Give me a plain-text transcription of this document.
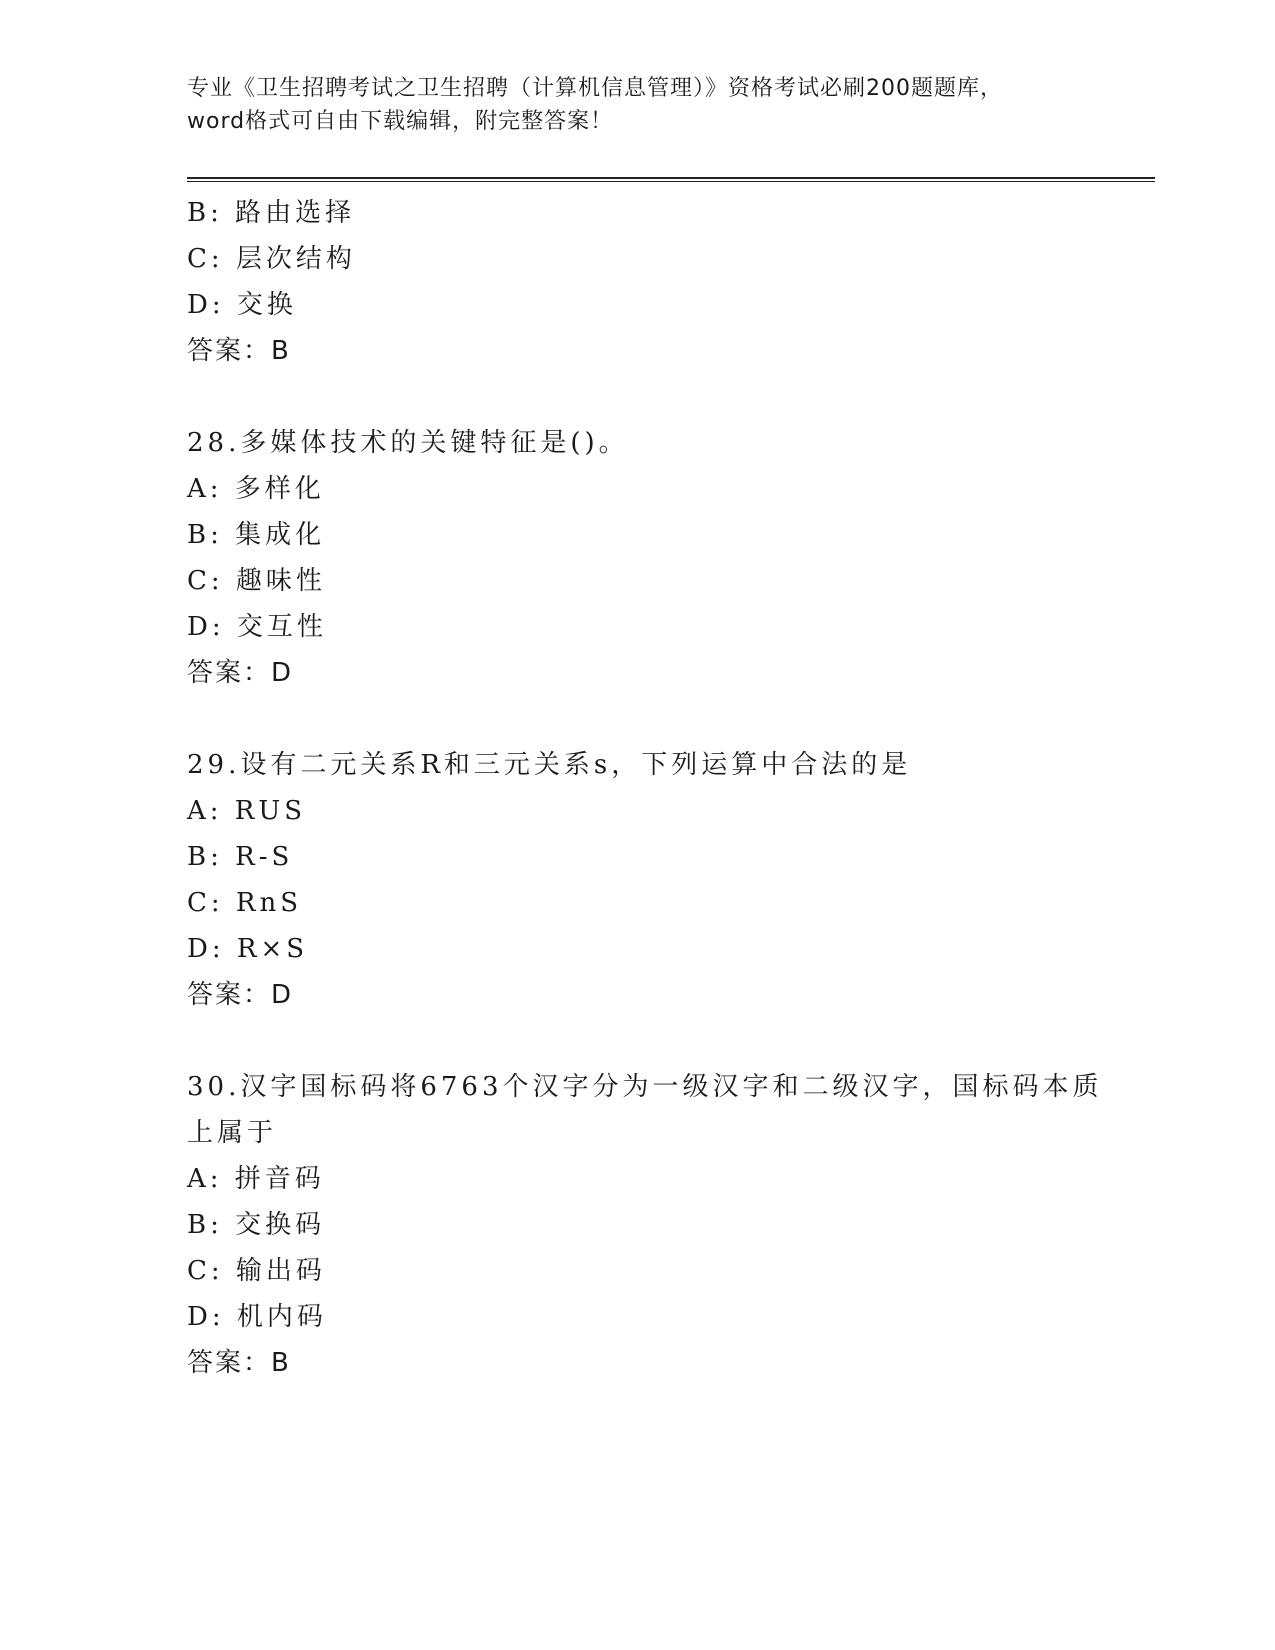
专业《卫生招聘考试之卫生招聘（计算机信息管理）》资格考试必刷200题题库，
word格式可自由下载编辑，附完整答案！
B: 路由选择
C: 层次结构
D: 交换
答案：B
28.多媒体技术的关键特征是()。
A: 多样化
B: 集成化
C: 趣味性
D: 交互性
答案：D
29.设有二元关系R和三元关系s，下列运算中合法的是
A: RUS
B: R-S
C: RnS
D: R×S
答案：D
30.汉字国标码将6763个汉字分为一级汉字和二级汉字，国标码本质
上属于
A: 拼音码
B: 交换码
C: 输出码
D: 机内码
答案：B
